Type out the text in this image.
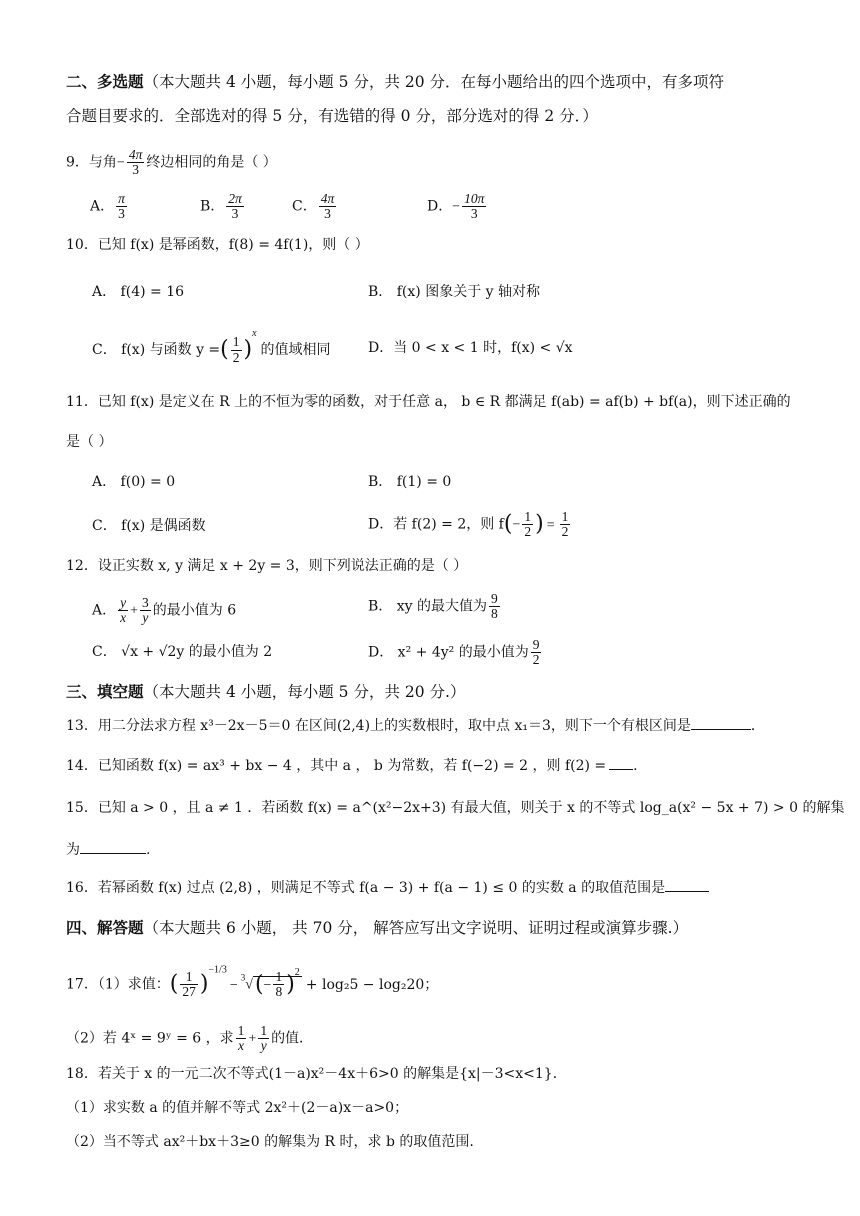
二、多选题（本大题共 4 小题，每小题 5 分，共 20 分．在每小题给出的四个选项中，有多项符
合题目要求的．全部选对的得 5 分，有选错的得 0 分，部分选对的得 2 分．）
9．与角− $\frac{4\pi}{3}$ 终边相同的角是（ ）
A． $\frac{\pi}{3}$	B． $\frac{2\pi}{3}$	C． $\frac{4\pi}{3}$	D．− $\frac{10\pi}{3}$
10．已知 f(x) 是幂函数，f(8) = 4f(1)，则（ ）
A． f(4) = 16	B． f(x) 图象关于 y 轴对称
C． f(x) 与函数 y =( $\frac{1}{2} )^x$的值域相同	D．当 0 < x < 1 时，f(x) < √x
11．已知 f(x) 是定义在 R 上的不恒为零的函数，对于任意 a， b ∈ R 都满足 f(ab) = af(b) + bf(a)，则下述正确的
是（ ）
A． f(0) = 0	B． f(1) = 0
C． f(x) 是偶函数	D．若 f(2) = 2，则 $f(- \frac{1}{2}$ ) = $\frac{1}{2}$
12．设正实数 x, y 满足 x + 2y = 3，则下列说法正确的是（ ）
A． $\frac{y}{x} + \frac{3}{y}$ 的最小值为 6	B． xy 的最大值为 $\frac{9}{8}$
C． √x + √2y 的最小值为 2	D． x² + 4y² 的最小值为 $\frac{9}{2}$
三、填空题（本大题共 4 小题，每小题 5 分，共 20 分.）
13．用二分法求方程 x³－2x－5＝0 在区间(2,4)上的实数根时，取中点 x₁＝3，则下一个有根区间是	．
14．已知函数 f(x) = ax³ + bx − 4 ，其中 a ， b 为常数，若 f(−2) = 2 ，则 f(2) = .
15．已知 a > 0 ，且 a ≠ 1 ．若函数 f(x) = a^(x²−2x+3) 有最大值，则关于 x 的不等式 log_a(x² − 5x + 7) > 0 的解集
为	.
16．若幂函数 f(x) 过点 (2,8) ，则满足不等式 f(a − 3) + f(a − 1) ≤ 0 的实数 a 的取值范围是
四、解答题（本大题共 6 小题， 共 70 分， 解答应写出文字说明、证明过程或演算步骤.）
17．（1）求值：( $\frac{1}{27} )^{-1/3}- ^3√(- \frac{1}{8} )^2+ \log_25 - \log_220$；
（2）若 4ˣ = 9ʸ = 6 ，求 $\frac{1}{x} + \frac{1}{y}$ 的值．
18．若关于 x 的一元二次不等式(1－a)x²－4x＋6>0 的解集是{x|－3<x<1}．
（1）求实数 a 的值并解不等式 2x²＋(2－a)x－a>0；
（2）当不等式 ax²＋bx＋3≥0 的解集为 R 时，求 b 的取值范围.
